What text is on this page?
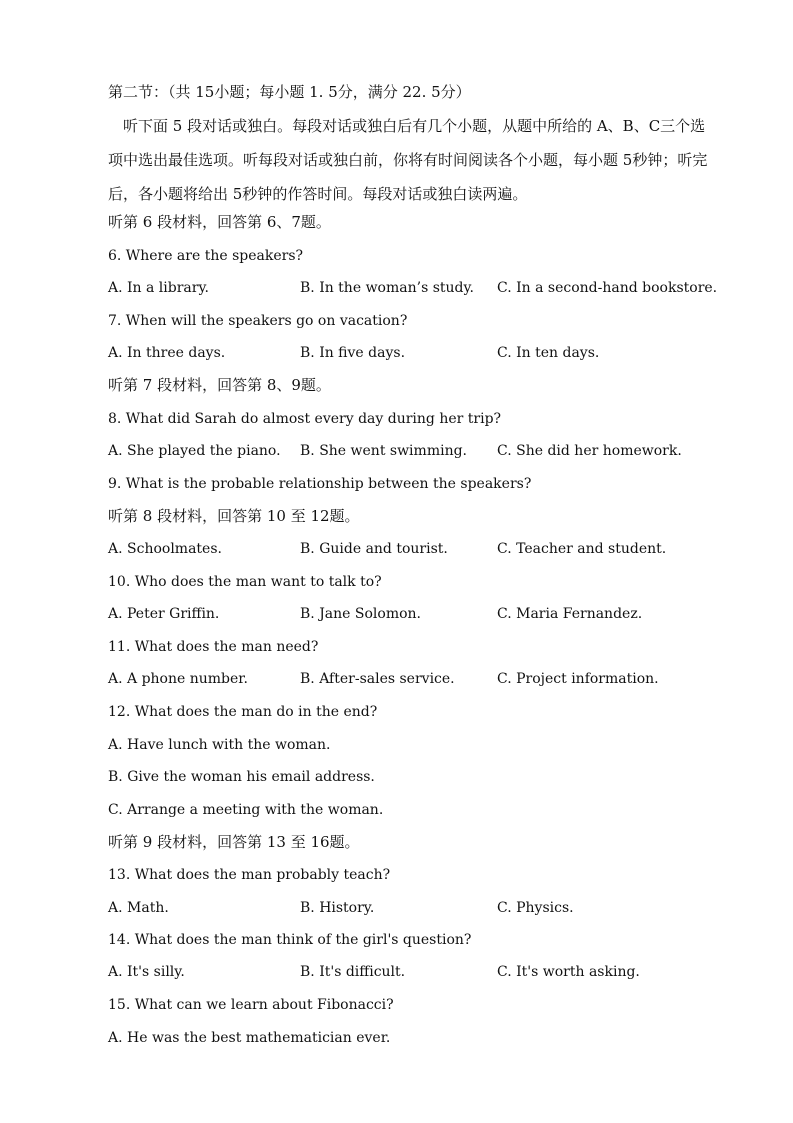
第二节：（共 15小题；每小题 1. 5分，满分 22. 5分）
听下面 5 段对话或独白。每段对话或独白后有几个小题，从题中所给的 A、B、C三个选项中选出最佳选项。听每段对话或独白前，你将有时间阅读各个小题，每小题 5秒钟；听完后，各小题将给出 5秒钟的作答时间。每段对话或独白读两遍。
听第 6 段材料，回答第 6、7题。
6. Where are the speakers?
A. In a library.	B. In the woman’s study. C. In a second-hand bookstore.
7. When will the speakers go on vacation?
A. In three days.	B. In five days.	C. In ten days.
听第 7 段材料，回答第 8、9题。
8. What did Sarah do almost every day during her trip?
A. She played the piano. B. She went swimming. C. She did her homework.
9. What is the probable relationship between the speakers?
听第 8 段材料，回答第 10 至 12题。
A. Schoolmates.	B. Guide and tourist.	C. Teacher and student.
10. Who does the man want to talk to?
A. Peter Griffin.	B. Jane Solomon.	C. Maria Fernandez.
11. What does the man need?
A. A phone number.	B. After-sales service.	C. Project information.
12. What does the man do in the end?
A. Have lunch with the woman.
B. Give the woman his email address.
C. Arrange a meeting with the woman.
听第 9 段材料，回答第 13 至 16题。
13. What does the man probably teach?
A. Math.	B. History.	C. Physics.
14. What does the man think of the girl's question?
A. It's silly.	B. It's difficult.	C. It's worth asking.
15. What can we learn about Fibonacci?
A. He was the best mathematician ever.
